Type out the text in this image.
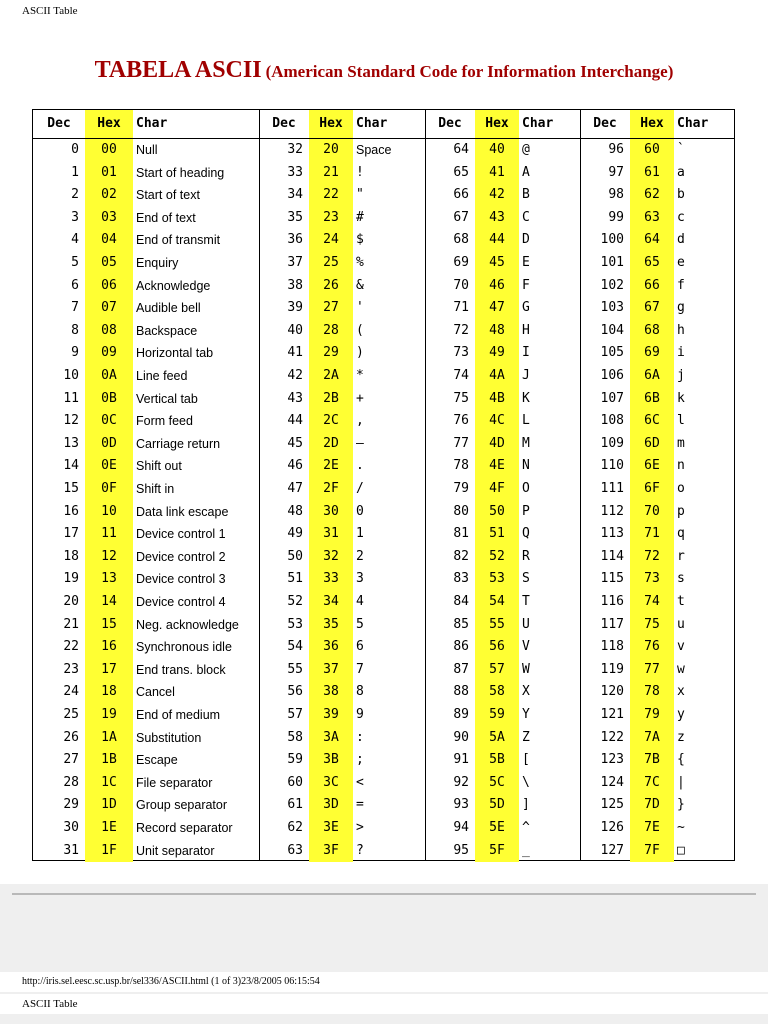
ASCII Table
TABELA ASCII (American Standard Code for Information Interchange)
Dec	Hex	Char	Dec	Hex	Char	Dec	Hex	Char	Dec	Hex	Char
0	00	Null	32	20	Space	64	40	@	96	60	`
1	01	Start of heading	33	21	!	65	41	A	97	61	a
2	02	Start of text	34	22	"	66	42	B	98	62	b
3	03	End of text	35	23	#	67	43	C	99	63	c
4	04	End of transmit	36	24	$	68	44	D	100	64	d
5	05	Enquiry	37	25	%	69	45	E	101	65	e
6	06	Acknowledge	38	26	&	70	46	F	102	66	f
7	07	Audible bell	39	27	'	71	47	G	103	67	g
8	08	Backspace	40	28	(	72	48	H	104	68	h
9	09	Horizontal tab	41	29	)	73	49	I	105	69	i
10	0A	Line feed	42	2A	*	74	4A	J	106	6A	j
11	0B	Vertical tab	43	2B	+	75	4B	K	107	6B	k
12	0C	Form feed	44	2C	,	76	4C	L	108	6C	l
13	0D	Carriage return	45	2D	–	77	4D	M	109	6D	m
14	0E	Shift out	46	2E	.	78	4E	N	110	6E	n
15	0F	Shift in	47	2F	/	79	4F	O	111	6F	o
16	10	Data link escape	48	30	0	80	50	P	112	70	p
17	11	Device control 1	49	31	1	81	51	Q	113	71	q
18	12	Device control 2	50	32	2	82	52	R	114	72	r
19	13	Device control 3	51	33	3	83	53	S	115	73	s
20	14	Device control 4	52	34	4	84	54	T	116	74	t
21	15	Neg. acknowledge	53	35	5	85	55	U	117	75	u
22	16	Synchronous idle	54	36	6	86	56	V	118	76	v
23	17	End trans. block	55	37	7	87	57	W	119	77	w
24	18	Cancel	56	38	8	88	58	X	120	78	x
25	19	End of medium	57	39	9	89	59	Y	121	79	y
26	1A	Substitution	58	3A	:	90	5A	Z	122	7A	z
27	1B	Escape	59	3B	;	91	5B	[	123	7B	{
28	1C	File separator	60	3C	<	92	5C	\	124	7C	|
29	1D	Group separator	61	3D	=	93	5D	]	125	7D	}
30	1E	Record separator	62	3E	>	94	5E	^	126	7E	~
31	1F	Unit separator	63	3F	?	95	5F	_	127	7F	□
http://iris.sel.eesc.sc.usp.br/sel336/ASCII.html (1 of 3)23/8/2005 06:15:54
ASCII Table
